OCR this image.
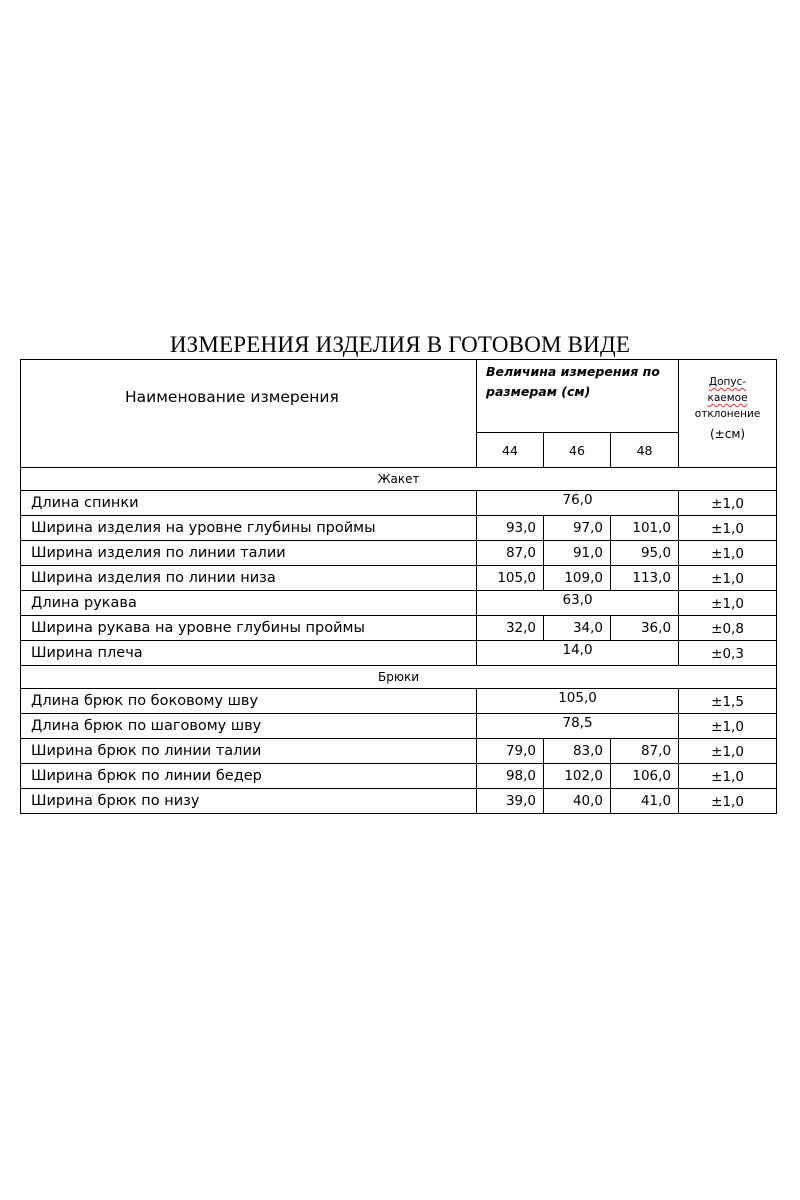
ИЗМЕРЕНИЯ ИЗДЕЛИЯ В ГОТОВОМ ВИДЕ
Наименование измерения	Величина измерения по размерам (см)			Допус-
каемое
отклонение
(±см)

	44	46	48	
Жакет				
Длина спинки	76,0			±1,0
Ширина изделия на уровне глубины проймы	93,0	97,0	101,0	±1,0
Ширина изделия по линии талии	87,0	91,0	95,0	±1,0
Ширина изделия по линии низа	105,0	109,0	113,0	±1,0
Длина рукава	63,0			±1,0
Ширина рукава на уровне глубины проймы	32,0	34,0	36,0	±0,8
Ширина плеча	14,0			±0,3
Брюки				
Длина брюк по боковому шву	105,0			±1,5
Длина брюк по шаговому шву	78,5			±1,0
Ширина брюк по линии талии	79,0	83,0	87,0	±1,0
Ширина брюк по линии бедер	98,0	102,0	106,0	±1,0
Ширина брюк по низу	39,0	40,0	41,0	±1,0
